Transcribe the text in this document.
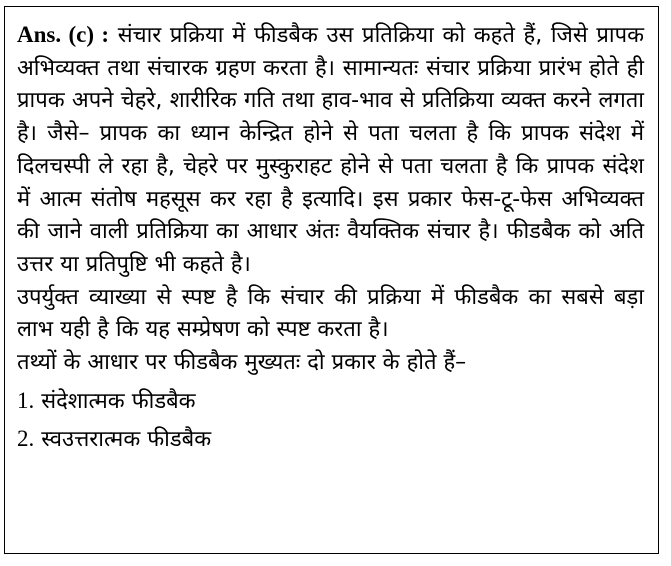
Ans. (c) : संचार प्रक्रिया में फीडबैक उस प्रतिक्रिया को कहते हैं, जिसे प्रापक अभिव्यक्त तथा संचारक ग्रहण करता है। सामान्यतः संचार प्रक्रिया प्रारंभ होते ही प्रापक अपने चेहरे, शारीरिक गति तथा हाव-भाव से प्रतिक्रिया व्यक्त करने लगता है। जैसे– प्रापक का ध्यान केन्द्रित होने से पता चलता है कि प्रापक संदेश में दिलचस्पी ले रहा है, चेहरे पर मुस्कुराहट होने से पता चलता है कि प्रापक संदेश में आत्म संतोष महसूस कर रहा है इत्यादि। इस प्रकार फेस-टू-फेस अभिव्यक्त की जाने वाली प्रतिक्रिया का आधार अंतः वैयक्तिक संचार है। फीडबैक को अति उत्तर या प्रतिपुष्टि भी कहते है।

उपर्युक्त व्याख्या से स्पष्ट है कि संचार की प्रक्रिया में फीडबैक का सबसे बड़ा लाभ यही है कि यह सम्प्रेषण को स्पष्ट करता है।

तथ्यों के आधार पर फीडबैक मुख्यतः दो प्रकार के होते हैं–

1. संदेशात्मक फीडबैक
2. स्वउत्तरात्मक फीडबैक
